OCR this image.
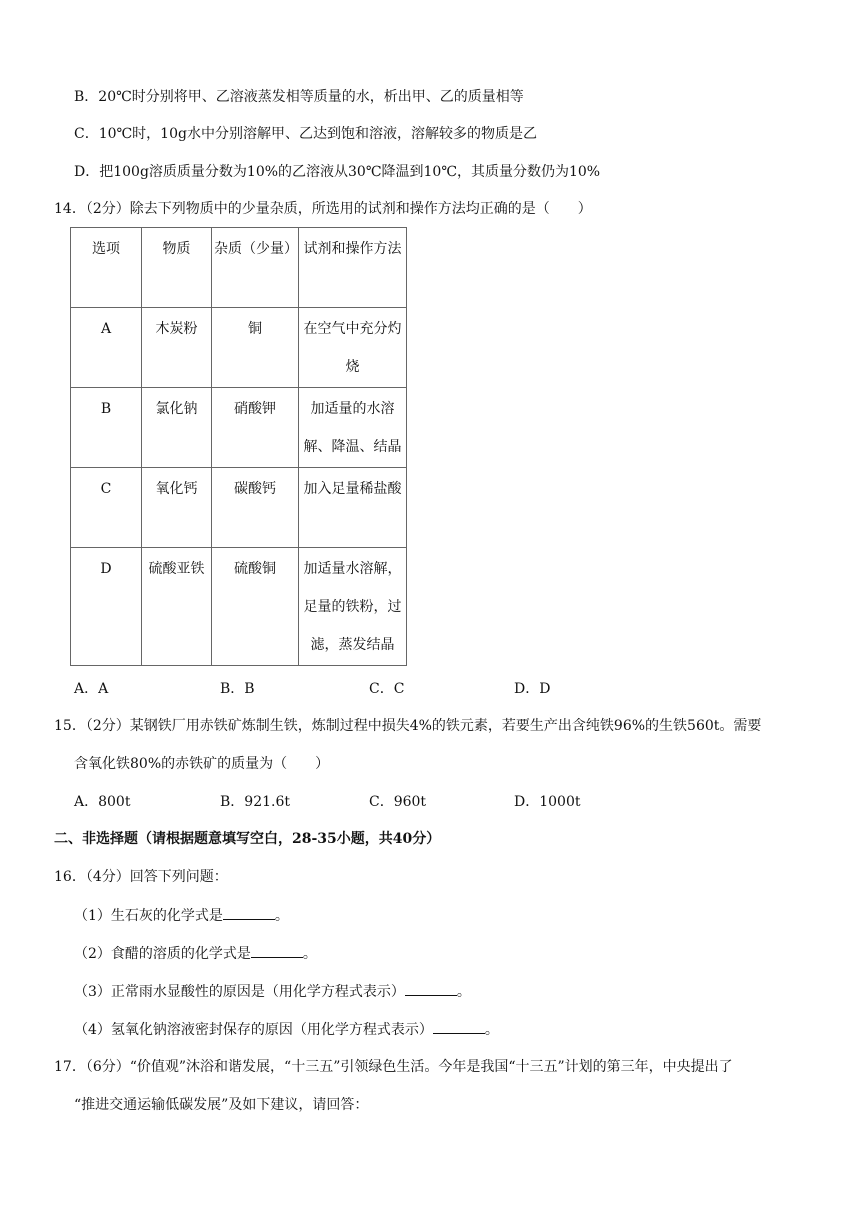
B．20℃时分别将甲、乙溶液蒸发相等质量的水，析出甲、乙的质量相等
C．10℃时，10g水中分别溶解甲、乙达到饱和溶液，溶解较多的物质是乙
D．把100g溶质质量分数为10%的乙溶液从30℃降温到10℃，其质量分数仍为10%
14．（2分）除去下列物质中的少量杂质，所选用的试剂和操作方法均正确的是（　　）
选项	物质	杂质（少量）	试剂和操作方法
A	木炭粉	铜	在空气中充分灼烧
B	氯化钠	硝酸钾	加适量的水溶解、降温、结晶
C	氧化钙	碳酸钙	加入足量稀盐酸
D	硫酸亚铁	硫酸铜	加适量水溶解，足量的铁粉，过滤，蒸发结晶
A．A	B．B	C．C	D．D
15．（2分）某钢铁厂用赤铁矿炼制生铁，炼制过程中损失4%的铁元素，若要生产出含纯铁96%的生铁560t。需要
含氧化铁80%的赤铁矿的质量为（　　）
A．800t	B．921.6t	C．960t	D．1000t
二、非选择题（请根据题意填写空白，28-35小题，共40分）
16．（4分）回答下列问题：
（1）生石灰的化学式是	。
（2）食醋的溶质的化学式是	。
（3）正常雨水显酸性的原因是（用化学方程式表示）	。
（4）氢氧化钠溶液密封保存的原因（用化学方程式表示）	。
17．（6分）“价值观”沐浴和谐发展，“十三五”引领绿色生活。今年是我国“十三五”计划的第三年，中央提出了
“推进交通运输低碳发展”及如下建议，请回答：
